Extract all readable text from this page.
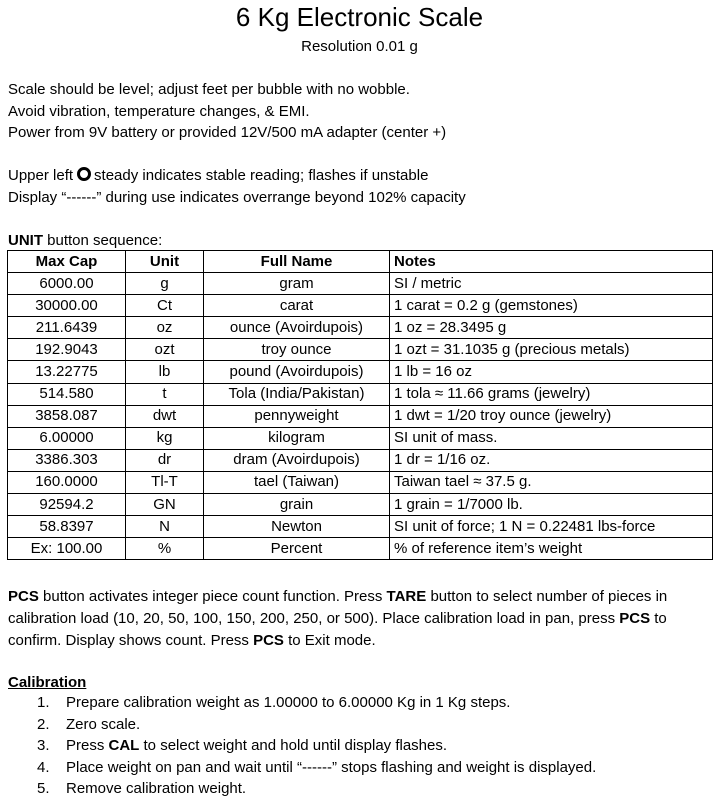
6 Kg Electronic Scale
Resolution 0.01 g

Scale should be level; adjust feet per bubble with no wobble.

Avoid vibration, temperature changes, & EMI.

Power from 9V battery or provided 12V/500 mA adapter (center +)

Upper left steady indicates stable reading; flashes if unstable

Display “------” during use indicates overrange beyond 102% capacity

UNIT button sequence:

Max Cap	Unit	Full Name	Notes
6000.00	g	gram	SI / metric
30000.00	Ct	carat	1 carat = 0.2 g (gemstones)
211.6439	oz	ounce (Avoirdupois)	1 oz = 28.3495 g
192.9043	ozt	troy ounce	1 ozt = 31.1035 g (precious metals)
13.22775	lb	pound (Avoirdupois)	1 lb = 16 oz
514.580	t	Tola (India/Pakistan)	1 tola ≈ 11.66 grams (jewelry)
3858.087	dwt	pennyweight	1 dwt = 1/20 troy ounce (jewelry)
6.00000	kg	kilogram	SI unit of mass.
3386.303	dr	dram (Avoirdupois)	1 dr = 1/16 oz.
160.0000	Tl-T	tael (Taiwan)	Taiwan tael ≈ 37.5 g.
92594.2	GN	grain	1 grain = 1/7000 lb.
58.8397	N	Newton	SI unit of force; 1 N = 0.22481 lbs-force
Ex: 100.00	%	Percent	% of reference item’s weight

PCS button activates integer piece count function. Press TARE button to select number of pieces in calibration load (10, 20, 50, 100, 150, 200, 250, or 500). Place calibration load in pan, press PCS to confirm. Display shows count. Press PCS to Exit mode.

Calibration
1. Prepare calibration weight as 1.00000 to 6.00000 Kg in 1 Kg steps.
2. Zero scale.
3. Press CAL to select weight and hold until display flashes.
4. Place weight on pan and wait until “------” stops flashing and weight is displayed.
5. Remove calibration weight.
